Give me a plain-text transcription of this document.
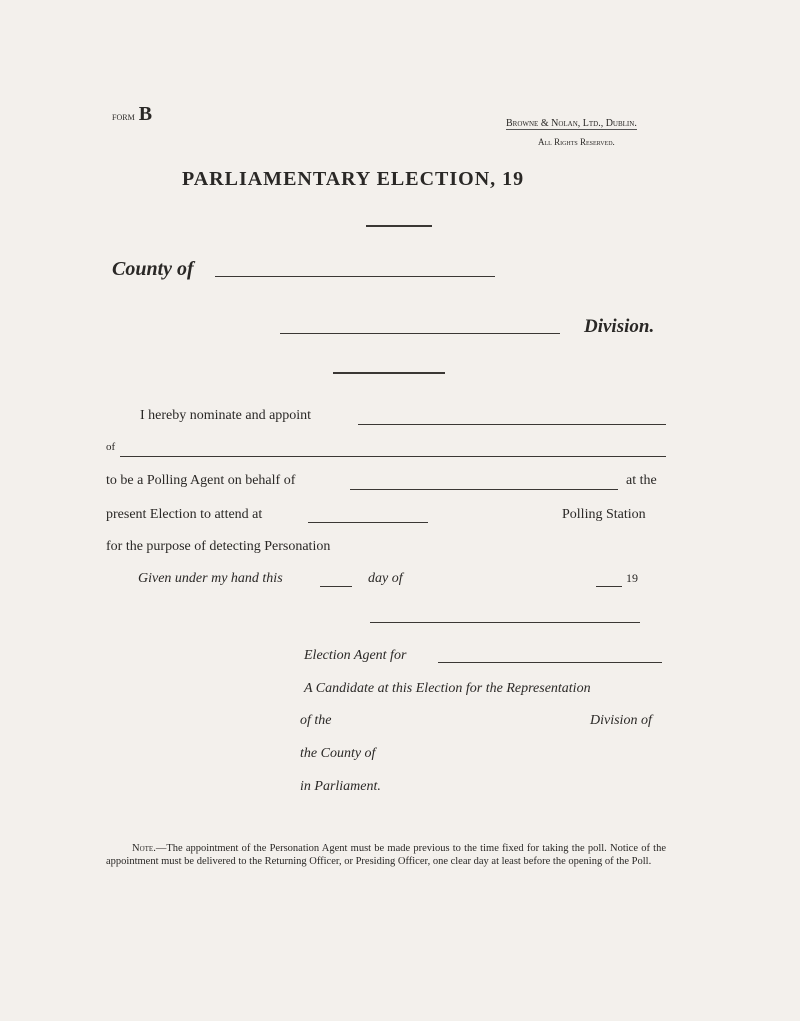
FORM B	Browne & Nolan, Ltd., Dublin.
All Rights Reserved.
PARLIAMENTARY ELECTION, 19
County of
Division.
I hereby nominate and appoint
of
to be a Polling Agent on behalf of	at the
present Election to attend at	Polling Station
for the purpose of detecting Personation
Given under my hand this	day of	19
Election Agent for
A Candidate at this Election for the Representation
of the	Division of
the County of
in Parliament.
Note.—The appointment of the Personation Agent must be made previous to the time fixed for taking the poll. Notice of the appointment must be delivered to the Returning Officer, or Presiding Officer, one clear day at least before the opening of the Poll.
